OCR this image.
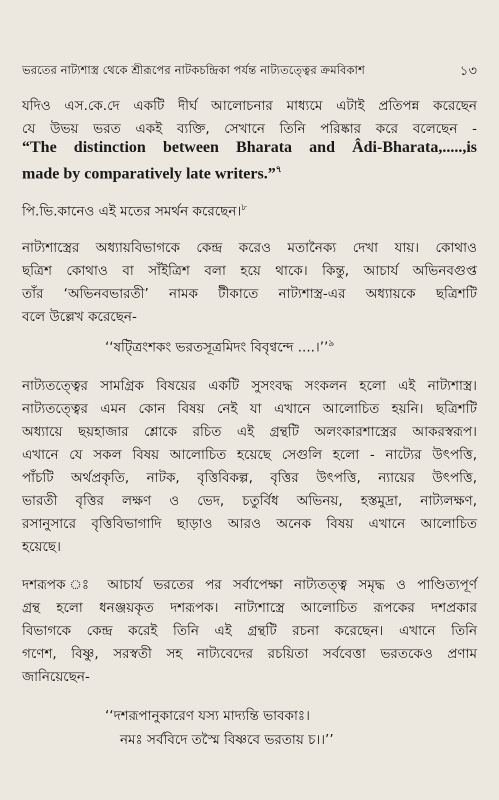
ভরতের নাট্যশাস্ত্র থেকে শ্রীরূপের নাটকচন্দ্রিকা পর্যন্ত নাট্যতত্ত্বের ক্রমবিকাশ	১৩
যদিও এস.কে.দে একটি দীর্ঘ আলোচনার মাধ্যমে এটাই প্রতিপন্ন করেছেন
যে উভয় ভরত একই ব্যক্তি, সেখানে তিনি পরিষ্কার করে বলেছেন -
“The distinction between Bharata and Âdi-Bharata,.....,is
made by comparatively late writers.”$^৭$
পি.ভি.কানেও এই মতের সমর্থন করেছেন।$^৮$
নাট্যশাস্ত্রের অধ্যায়বিভাগকে কেন্দ্র করেও মতানৈক্য দেখা যায়। কোথাও
ছত্রিশ কোথাও বা সাঁইত্রিশ বলা হয়ে থাকে। কিন্তু, আচার্য অভিনবগুপ্ত
তাঁর ‘অভিনবভারতী’ নামক টীকাতে নাট্যশাস্ত্র-এর অধ্যায়কে ছত্রিশটি
বলে উল্লেখ করেছেন-
‘‘ষট্ত্রিংশকং ভরতসূত্রমিদং বিবৃণ্বন্দে ....।’’$^৯$
নাট্যতত্ত্বের সামগ্রিক বিষয়ের একটি সুসংবদ্ধ সংকলন হলো এই নাট্যশাস্ত্র।
নাট্যতত্ত্বের এমন কোন বিষয় নেই যা এখানে আলোচিত হয়নি। ছত্রিশটি
অধ্যায়ে ছয়হাজার শ্লোকে রচিত এই গ্রন্থটি অলংকারশাস্ত্রের আকরস্বরূপ।
এখানে যে সকল বিষয় আলোচিত হয়েছে সেগুলি হলো - নাট্যের উৎপত্তি,
পাঁচটি অর্থপ্রকৃতি, নাটক, বৃত্তিবিকল্প, বৃত্তির উৎপত্তি, ন্যায়ের উৎপত্তি,
ভারতী বৃত্তির লক্ষণ ও ভেদ, চতুর্বিধ অভিনয়, হস্তমুদ্রা, নাট্যলক্ষণ,
রসানুসারে বৃত্তিবিভাগাদি ছাড়াও আরও অনেক বিষয় এখানে আলোচিত
হয়েছে।
দশরূপক ঃ আচার্য ভরতের পর সর্বাপেক্ষা নাট্যতত্ত্ব সমৃদ্ধ ও পাণ্ডিত্যপূর্ণ
গ্রন্থ হলো ধনঞ্জয়কৃত দশরূপক। নাট্যশাস্ত্রে আলোচিত রূপকের দশপ্রকার
বিভাগকে কেন্দ্র করেই তিনি এই গ্রন্থটি রচনা করেছেন। এখানে তিনি
গণেশ, বিষ্ণু, সরস্বতী সহ নাট্যবেদের রচয়িতা সর্ববেত্তা ভরতকেও প্রণাম
জানিয়েছেন-
‘‘দশরূপানুকারেণ যস্য মাদ্যন্তি ভাবকাঃ।
নমঃ সর্ববিদে তস্মৈ বিষ্ণবে ভরতায় চ।।’’
